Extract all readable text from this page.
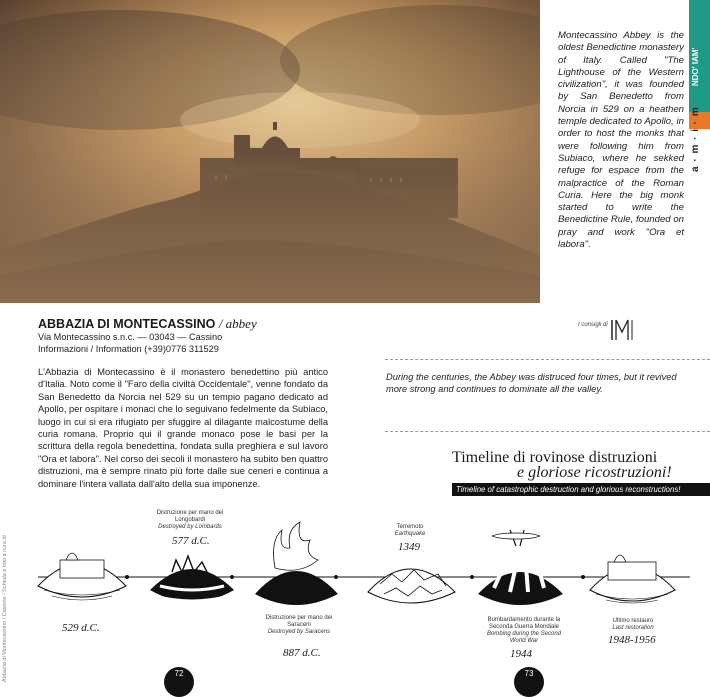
Montecassino Abbey is the oldest Benedictine monastery of Italy. Called "The Lighthouse of the Western civilization", it was founded by San Benedetto from Norcia in 529 on a heathen temple dedicated to Apollo, in order to host the monks that were following him from Subiaco, where he sekked refuge for espace from the malpractice of the Roman Curia. Here the big monk started to write the Benedictine Rule, founded on pray and work "Ora et labora".
NDO' IAM'
a · m · i · m
ABBAZIA DI MONTECASSINO / abbey
Via Montecassino s.n.c. — 03043 — Cassino
Informazioni / Information (+39)0776 311529
I consigli di
L'Abbazia di Montecassino è il monastero benedettino più antico d'Italia. Noto come il "Faro della civiltà Occidentale", venne fondato da San Benedetto da Norcia nel 529 su un tempio pagano dedicato ad Apollo, per ospitare i monaci che lo seguivano fedelmente da Subiaco, luogo in cui si era rifugiato per sfuggire al dilagante malcostume della curia romana. Proprio qui il grande monaco pose le basi per la scrittura della regola benedettina, fondata sulla preghiera e sul lavoro "Ora et labora". Nel corso dei secoli il monastero ha subito ben quattro distruzioni, ma è sempre rinato più forte dalle sue ceneri e continua a dominare l'intera vallata dall'alto della sua imponenze.
During the centuries, the Abbey was distruced four times, but it revived more strong and continues to dominate all the valley.
Timeline di rovinose distruzioni
e gloriose ricostruzioni!
Timeline of catastrophic destruction and glorious reconstructions!
529 d.C.
Distruzione per mano dei Longobardi
Destroyed by Lombards
577 d.C.
Distruzione per mano dei Saraceni
Destroyed by Saracens
887 d.C.
Terremoto
Earthquake
1349
Bombardamento durante la Seconda Guerra Mondiale
Bombing during the Second World War
1944
Ultimo restauro
Last restoration
1948-1956
Abbazia di Montecassino / Cassino / Scheda e foto a cura di	72	73
